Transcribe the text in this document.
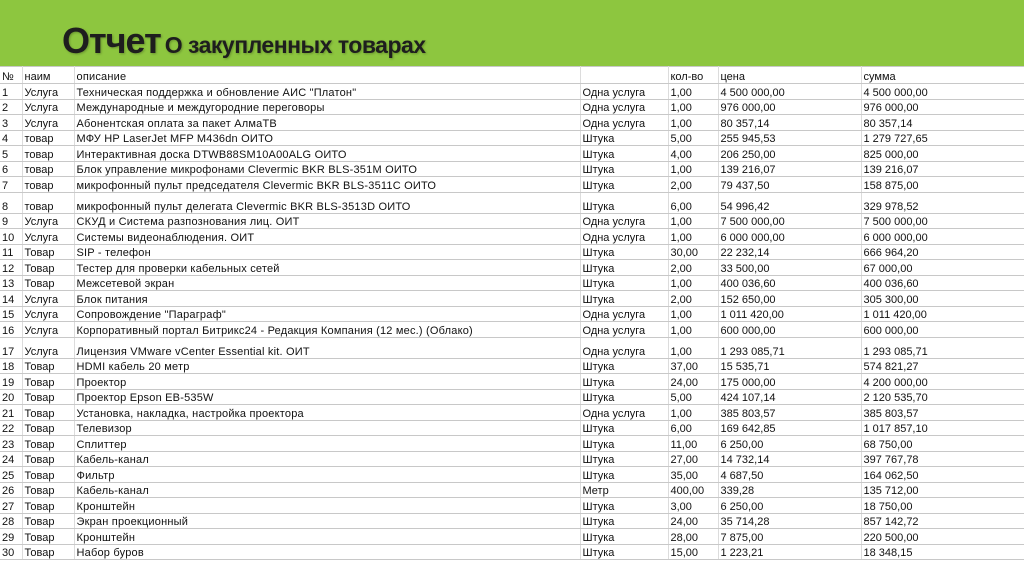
Отчет О закупленных товарах
№	наим	описание		кол-во	цена	сумма
1	Услуга	Техническая поддержка и обновление АИС "Платон"	Одна услуга	1,00	4 500 000,00	4 500 000,00
2	Услуга	Международные и междугородние переговоры	Одна услуга	1,00	976 000,00	976 000,00
3	Услуга	Абонентская оплата за пакет АлмаТВ	Одна услуга	1,00	80 357,14	80 357,14
4	товар	МФУ HP LaserJet MFP M436dn ОИТО	Штука	5,00	255 945,53	1 279 727,65
5	товар	Интерактивная доска DTWB88SM10A00ALG ОИТО	Штука	4,00	206 250,00	825 000,00
6	товар	Блок управление микрофонами Clevermic BKR BLS-351M ОИТО	Штука	1,00	139 216,07	139 216,07
7	товар	микрофонный пульт председателя Clevermic BKR BLS-3511C ОИТО	Штука	2,00	79 437,50	158 875,00
8	товар	микрофонный пульт делегата Clevermic BKR BLS-3513D ОИТО	Штука	6,00	54 996,42	329 978,52
9	Услуга	СКУД и Система разпознования лиц. ОИТ	Одна услуга	1,00	7 500 000,00	7 500 000,00
10	Услуга	Системы видеонаблюдения. ОИТ	Одна услуга	1,00	6 000 000,00	6 000 000,00
11	Товар	SIP - телефон	Штука	30,00	22 232,14	666 964,20
12	Товар	Тестер для проверки кабельных сетей	Штука	2,00	33 500,00	67 000,00
13	Товар	Межсетевой экран	Штука	1,00	400 036,60	400 036,60
14	Услуга	Блок питания	Штука	2,00	152 650,00	305 300,00
15	Услуга	Сопровождение "Параграф"	Одна услуга	1,00	1 011 420,00	1 011 420,00
16	Услуга	Корпоративный портал Битрикс24 - Редакция Компания (12 мес.) (Облако)	Одна услуга	1,00	600 000,00	600 000,00
17	Услуга	Лицензия VMware vCenter Essential kit. ОИТ	Одна услуга	1,00	1 293 085,71	1 293 085,71
18	Товар	HDMI кабель 20 метр	Штука	37,00	15 535,71	574 821,27
19	Товар	Проектор	Штука	24,00	175 000,00	4 200 000,00
20	Товар	Проектор Epson EB-535W	Штука	5,00	424 107,14	2 120 535,70
21	Товар	Установка, накладка, настройка проектора	Одна услуга	1,00	385 803,57	385 803,57
22	Товар	Телевизор	Штука	6,00	169 642,85	1 017 857,10
23	Товар	Сплиттер	Штука	11,00	6 250,00	68 750,00
24	Товар	Кабель-канал	Штука	27,00	14 732,14	397 767,78
25	Товар	Фильтр	Штука	35,00	4 687,50	164 062,50
26	Товар	Кабель-канал	Метр	400,00	339,28	135 712,00
27	Товар	Кронштейн	Штука	3,00	6 250,00	18 750,00
28	Товар	Экран проекционный	Штука	24,00	35 714,28	857 142,72
29	Товар	Кронштейн	Штука	28,00	7 875,00	220 500,00
30	Товар	Набор буров	Штука	15,00	1 223,21	18 348,15
